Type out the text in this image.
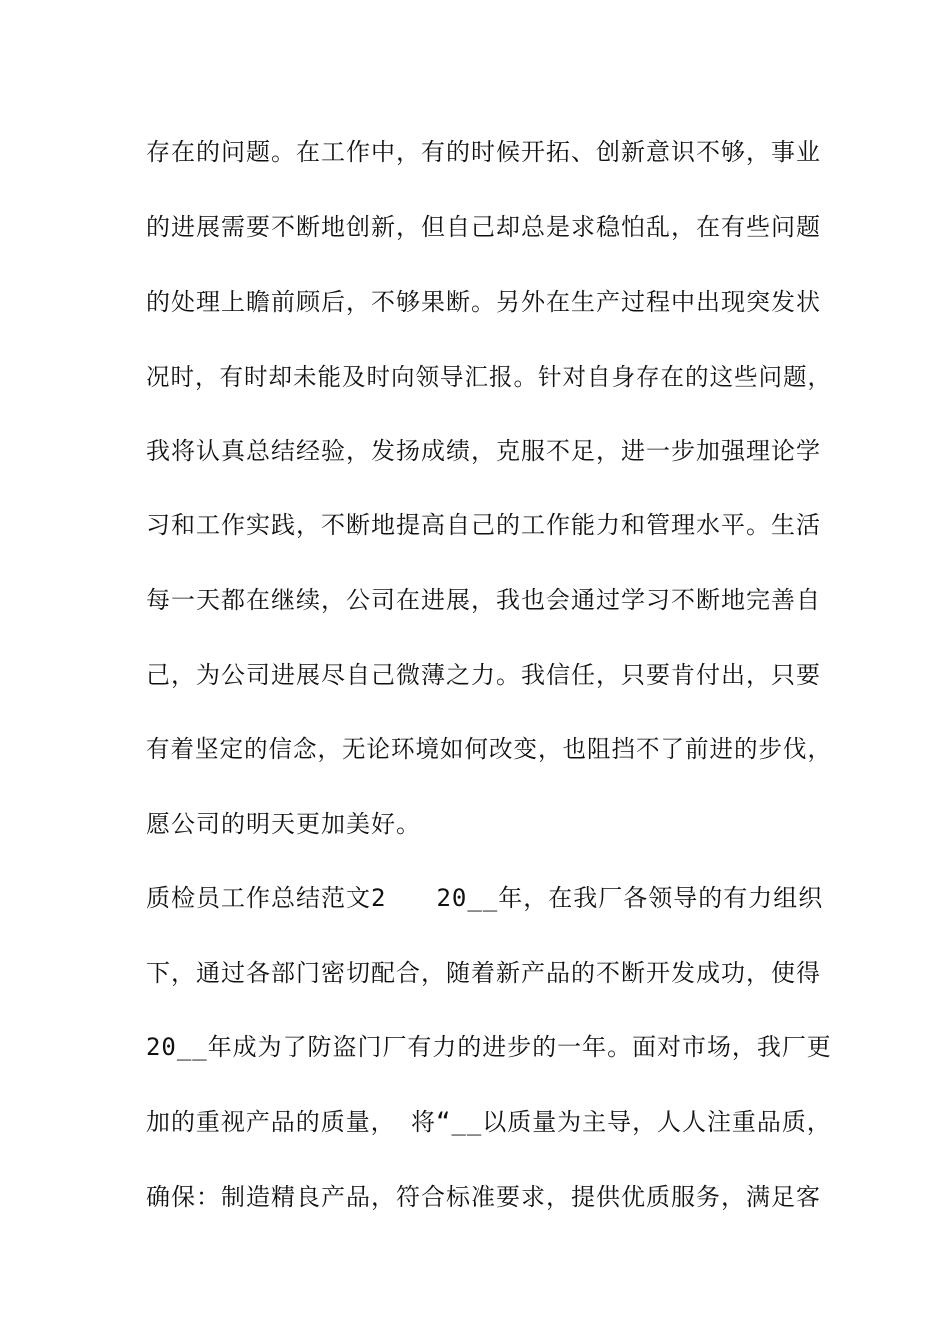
存在的问题。在工作中，有的时候开拓、创新意识不够，事业
的进展需要不断地创新，但自己却总是求稳怕乱，在有些问题
的处理上瞻前顾后，不够果断。另外在生产过程中出现突发状
况时，有时却未能及时向领导汇报。针对自身存在的这些问题，
我将认真总结经验，发扬成绩，克服不足，进一步加强理论学
习和工作实践，不断地提高自己的工作能力和管理水平。生活
每一天都在继续，公司在进展，我也会通过学习不断地完善自
己，为公司进展尽自己微薄之力。我信任，只要肯付出，只要
有着坚定的信念，无论环境如何改变，也阻挡不了前进的步伐，
愿公司的明天更加美好。
质检员工作总结范文2　　20__年，在我厂各领导的有力组织
下，通过各部门密切配合，随着新产品的不断开发成功，使得
20__年成为了防盗门厂有力的进步的一年。面对市场，我厂更
加的重视产品的质量， 将“__以质量为主导，人人注重品质，
确保：制造精良产品，符合标准要求，提供优质服务，满足客
